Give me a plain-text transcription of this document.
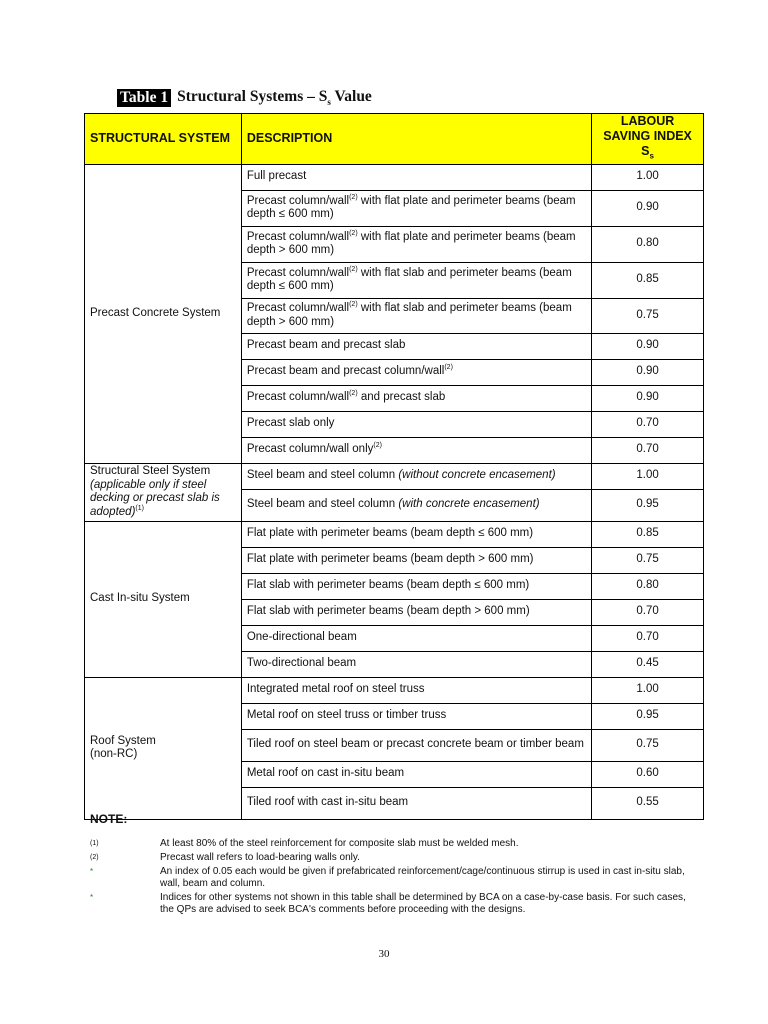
Table 1 Structural Systems – $S_s$ Value
STRUCTURAL SYSTEM	DESCRIPTION	LABOUR
SAVING INDEX
$S_s$
Precast Concrete System	Full precast	1.00
	Precast column/wall$^{(2)}$ with flat plate and perimeter beams (beam depth ≤ 600 mm)	0.90
	Precast column/wall$^{(2)}$ with flat plate and perimeter beams (beam depth > 600 mm)	0.80
	Precast column/wall$^{(2)}$ with flat slab and perimeter beams (beam depth ≤ 600 mm)	0.85
	Precast column/wall$^{(2)}$ with flat slab and perimeter beams (beam depth > 600 mm)	0.75
	Precast beam and precast slab	0.90
	Precast beam and precast column/wall$^{(2)}$	0.90
	Precast column/wall$^{(2)}$ and precast slab	0.90
	Precast slab only	0.70
	Precast column/wall only$^{(2)}$	0.70
Structural Steel System
(applicable only if steel decking or precast slab is adopted)$^{(1)}$	Steel beam and steel column (without concrete encasement)	1.00
	Steel beam and steel column (with concrete encasement)	0.95
Cast In-situ System	Flat plate with perimeter beams (beam depth ≤ 600 mm)	0.85
	Flat plate with perimeter beams (beam depth > 600 mm)	0.75
	Flat slab with perimeter beams (beam depth ≤ 600 mm)	0.80
	Flat slab with perimeter beams (beam depth > 600 mm)	0.70
	One-directional beam	0.70
	Two-directional beam	0.45
Roof System
(non-RC)	Integrated metal roof on steel truss	1.00
	Metal roof on steel truss or timber truss	0.95
	Tiled roof on steel beam or precast concrete beam or timber beam	0.75
	Metal roof on cast in-situ beam	0.60
	Tiled roof with cast in-situ beam	0.55
NOTE:
(1)	At least 80% of the steel reinforcement for composite slab must be welded mesh.
(2)	Precast wall refers to load-bearing walls only.
*	An index of 0.05 each would be given if prefabricated reinforcement/cage/continuous stirrup is used in cast in-situ slab, wall, beam and column.
*	Indices for other systems not shown in this table shall be determined by BCA on a case-by-case basis. For such cases, the QPs are advised to seek BCA's comments before proceeding with the designs.
30
